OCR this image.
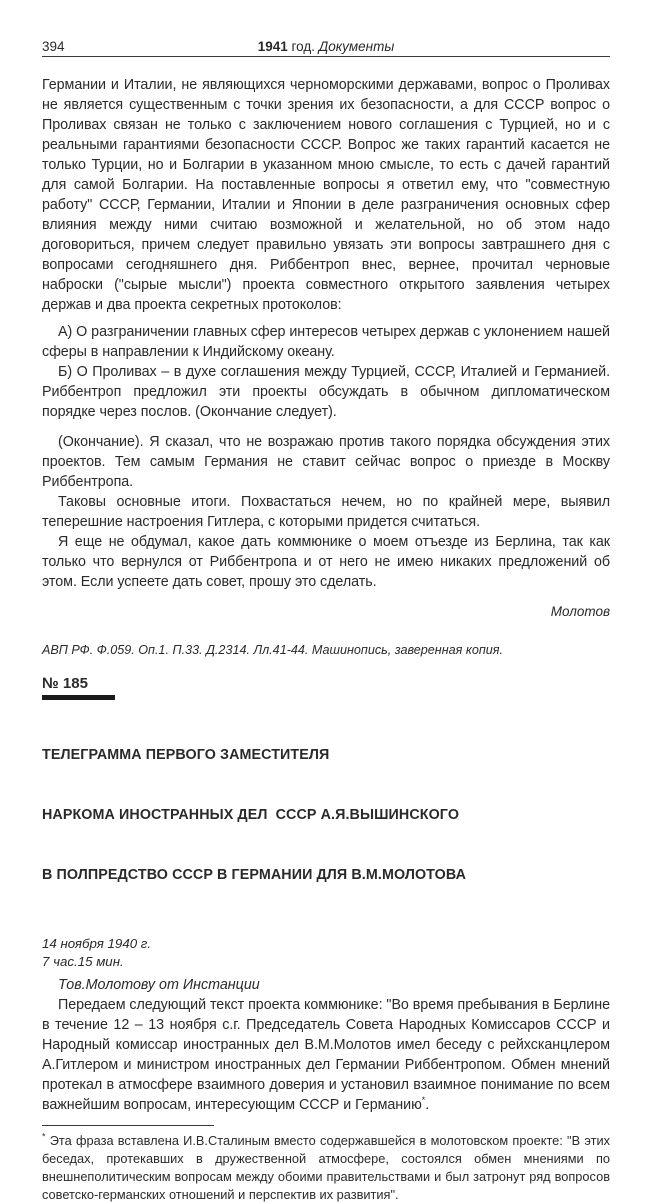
394	1941 год. Документы

Германии и Италии, не являющихся черноморскими державами, вопрос о Проливах не является существенным с точки зрения их безопасности, а для СССР вопрос о Проливах связан не только с заключением нового соглашения с Турцией, но и с реальными гарантиями безопасности СССР. Вопрос же таких гарантий касается не только Турции, но и Болгарии в указанном мною смысле, то есть с дачей гарантий для самой Болгарии. На поставленные вопросы я ответил ему, что "совместную работу" СССР, Германии, Италии и Японии в деле разграничения основных сфер влияния между ними считаю возможной и желательной, но об этом надо договориться, причем следует правильно увязать эти вопросы завтрашнего дня с вопросами сегодняшнего дня. Риббентроп внес, вернее, прочитал черновые наброски ("сырые мысли") проекта совместного открытого заявления четырех держав и два проекта секретных протоколов:

А) О разграничении главных сфер интересов четырех держав с уклонением нашей сферы в направлении к Индийскому океану.

Б) О Проливах – в духе соглашения между Турцией, СССР, Италией и Германией. Риббентроп предложил эти проекты обсуждать в обычном дипломатическом порядке через послов. (Окончание следует).

(Окончание). Я сказал, что не возражаю против такого порядка обсуждения этих проектов. Тем самым Германия не ставит сейчас вопрос о приезде в Москву Риббентропа.

Таковы основные итоги. Похвастаться нечем, но по крайней мере, выявил теперешние настроения Гитлера, с которыми придется считаться.

Я еще не обдумал, какое дать коммюнике о моем отъезде из Берлина, так как только что вернулся от Риббентропа и от него не имею никаких предложений об этом. Если успеете дать совет, прошу это сделать.

Молотов
АВП РФ. Ф.059. Оп.1. П.33. Д.2314. Лл.41-44. Машинопись, заверенная копия.
№ 185

ТЕЛЕГРАММА ПЕРВОГО ЗАМЕСТИТЕЛЯ

НАРКОМА ИНОСТРАННЫХ ДЕЛ  СССР А.Я.ВЫШИНСКОГО

В ПОЛПРЕДСТВО СССР В ГЕРМАНИИ ДЛЯ В.М.МОЛОТОВА

14 ноября 1940 г.
7 час.15 мин.
Тов.Молотову от Инстанции

Передаем следующий текст проекта коммюнике: "Во время пребывания в Берлине в течение 12 – 13 ноября с.г. Председатель Совета Народных Комиссаров СССР и Народный комиссар иностранных дел В.М.Молотов имел беседу с рейхсканцлером А.Гитлером и министром иностранных дел Германии Риббентропом. Обмен мнений протекал в атмосфере взаимного доверия и установил взаимное понимание по всем важнейшим вопросам, интересующим СССР и Германию*.

* Эта фраза вставлена И.В.Сталиным вместо содержавшейся в молотовском проекте: "В этих беседах, протекавших в дружественной атмосфере, состоялся обмен мнениями по внешнеполитическим вопросам между обоими правительствами и был затронут ряд вопросов советско-германских отношений и перспектив их развития".
